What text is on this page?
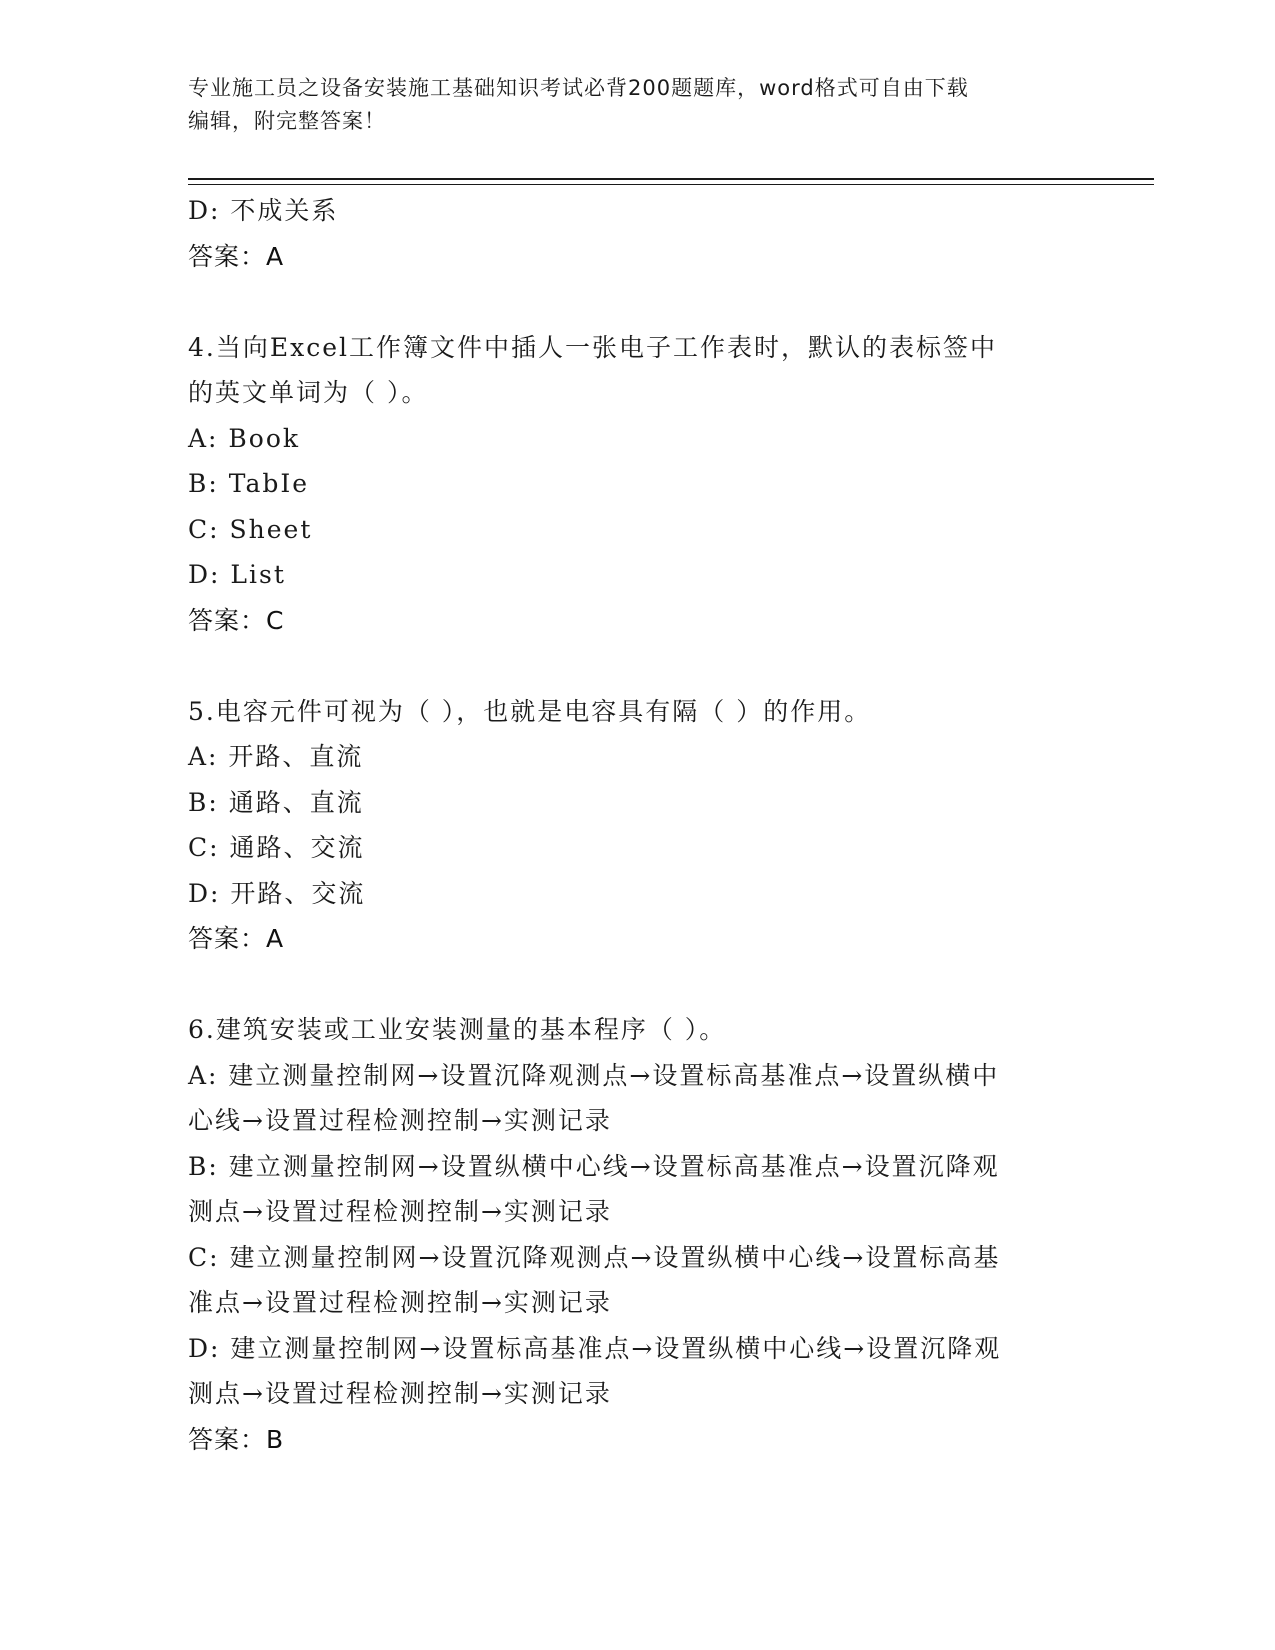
专业施工员之设备安装施工基础知识考试必背200题题库，word格式可自由下载
编辑，附完整答案！
D: 不成关系
答案：A
4.当向Excel工作簿文件中插人一张电子工作表时，默认的表标签中
的英文单词为（ ）。
A: Book
B: TabIe
C: Sheet
D: List
答案：C
5.电容元件可视为（ ），也就是电容具有隔（ ）的作用。
A: 开路、直流
B: 通路、直流
C: 通路、交流
D: 开路、交流
答案：A
6.建筑安装或工业安装测量的基本程序（ ）。
A: 建立测量控制网→设置沉降观测点→设置标高基准点→设置纵横中
心线→设置过程检测控制→实测记录
B: 建立测量控制网→设置纵横中心线→设置标高基准点→设置沉降观
测点→设置过程检测控制→实测记录
C: 建立测量控制网→设置沉降观测点→设置纵横中心线→设置标高基
准点→设置过程检测控制→实测记录
D: 建立测量控制网→设置标高基准点→设置纵横中心线→设置沉降观
测点→设置过程检测控制→实测记录
答案：B
